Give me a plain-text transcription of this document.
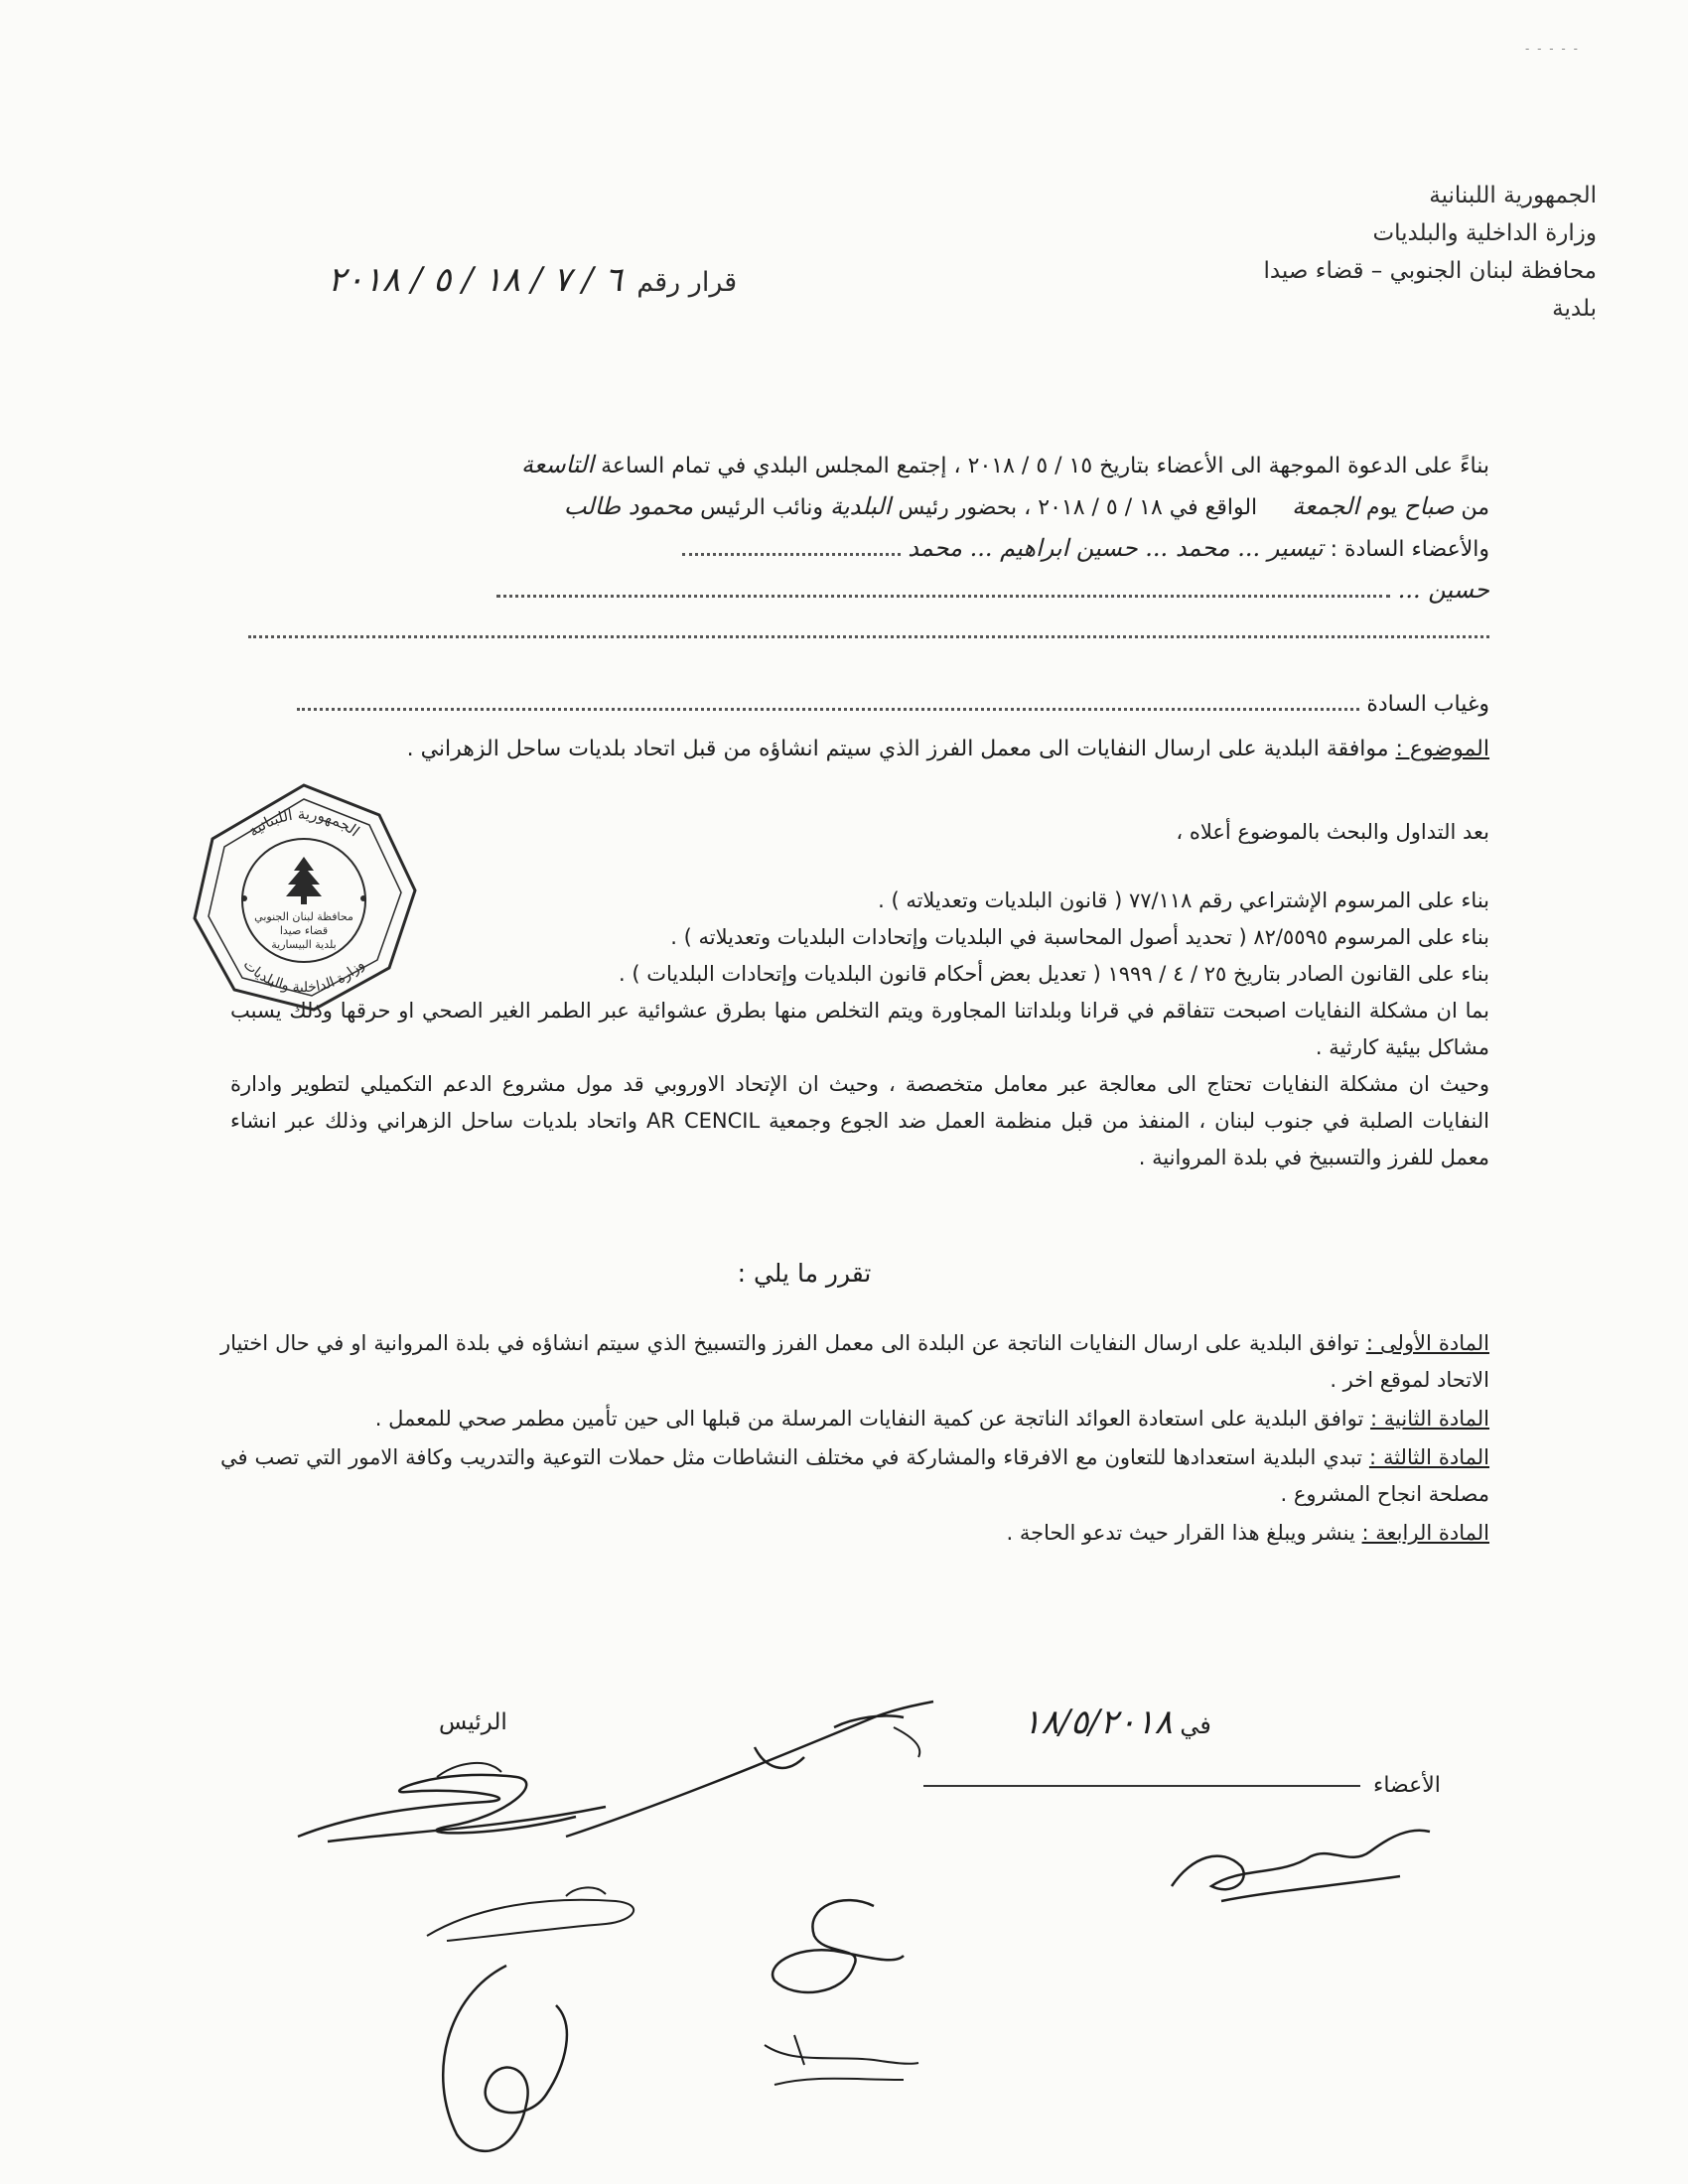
- - - - -
الجمهورية اللبنانية
وزارة الداخلية والبلديات
محافظة لبنان الجنوبي – قضاء صيدا
بلدية
قرار رقم ٦ / ٧ / ١٨ / ٥ / ٢٠١٨
بناءً على الدعوة الموجهة الى الأعضاء بتاريخ ١٥ / ٥ / ٢٠١٨ ، إجتمع المجلس البلدي في تمام الساعة التاسعة
من صباح يوم الجمعة     الواقع في ١٨ / ٥ / ٢٠١٨ ، بحضور رئيس البلدية ونائب الرئيس محمود طالب
والأعضاء السادة : تيسير ... محمد ... حسين ابراهيم ... محمد
حسين ...
وغياب السادة
الموضوع : موافقة البلدية على ارسال النفايات الى معمل الفرز الذي سيتم انشاؤه من قبل اتحاد بلديات ساحل الزهراني .

بعد التداول والبحث بالموضوع أعلاه ،

بناء على المرسوم الإشتراعي رقم ٧٧/١١٨ ( قانون البلديات وتعديلاته ) .

بناء على المرسوم ٨٢/٥٥٩٥ ( تحديد أصول المحاسبة في البلديات وإتحادات البلديات وتعديلاته ) .

بناء على القانون الصادر بتاريخ ٢٥ / ٤ / ١٩٩٩ ( تعديل بعض أحكام قانون البلديات وإتحادات البلديات ) .

بما ان مشكلة النفايات اصبحت تتفاقم في قرانا وبلداتنا المجاورة ويتم التخلص منها بطرق عشوائية عبر الطمر الغير الصحي او حرقها وذلك يسبب مشاكل بيئية كارثية .

وحيث ان مشكلة النفايات تحتاج الى معالجة عبر معامل متخصصة ، وحيث ان الإتحاد الاوروبي قد مول مشروع الدعم التكميلي لتطوير وادارة النفايات الصلبة في جنوب لبنان ، المنفذ من قبل منظمة العمل ضد الجوع وجمعية AR CENCIL واتحاد بلديات ساحل الزهراني وذلك عبر انشاء معمل للفرز والتسبيخ في بلدة المروانية .

تقرر ما يلي :

المادة الأولى : توافق البلدية على ارسال النفايات الناتجة عن البلدة الى معمل الفرز والتسبيخ الذي سيتم انشاؤه في بلدة المروانية او في حال اختيار الاتحاد لموقع اخر .

المادة الثانية : توافق البلدية على استعادة العوائد الناتجة عن كمية النفايات المرسلة من قبلها الى حين تأمين مطمر صحي للمعمل .

المادة الثالثة : تبدي البلدية استعدادها للتعاون مع الافرقاء والمشاركة في مختلف النشاطات مثل حملات التوعية والتدريب وكافة الامور التي تصب في مصلحة انجاح المشروع .

المادة الرابعة : ينشر ويبلغ هذا القرار حيث تدعو الحاجة .

في ١٨/٥/٢٠١٨
الأعضاء
الرئيس
الجمهورية اللبنانية
وزارة الداخلية والبلديات
محافظة لبنان الجنوبي
قضاء صيدا
بلدية البيسارية
